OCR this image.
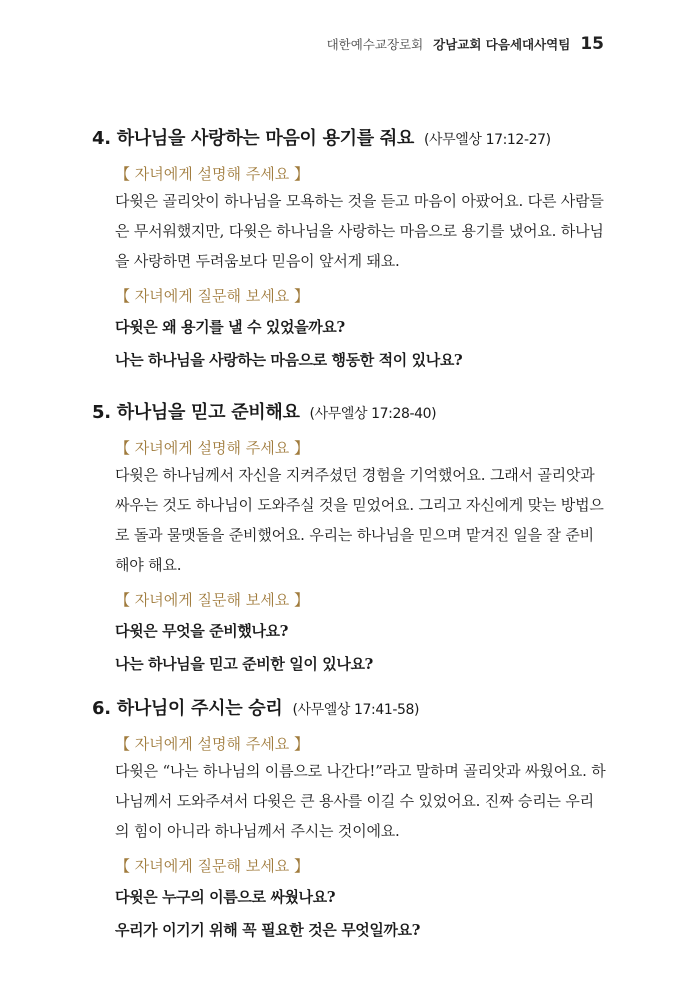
대한예수교장로회 강남교회 다음세대사역팀 15
4. 하나님을 사랑하는 마음이 용기를 줘요 (사무엘상 17:12-27)
【 자녀에게 설명해 주세요 】
다윗은 골리앗이 하나님을 모욕하는 것을 듣고 마음이 아팠어요. 다른 사람들은 무서워했지만, 다윗은 하나님을 사랑하는 마음으로 용기를 냈어요. 하나님을 사랑하면 두려움보다 믿음이 앞서게 돼요.
【 자녀에게 질문해 보세요 】
다윗은 왜 용기를 낼 수 있었을까요?
나는 하나님을 사랑하는 마음으로 행동한 적이 있나요?
5. 하나님을 믿고 준비해요 (사무엘상 17:28-40)
【 자녀에게 설명해 주세요 】
다윗은 하나님께서 자신을 지켜주셨던 경험을 기억했어요. 그래서 골리앗과 싸우는 것도 하나님이 도와주실 것을 믿었어요. 그리고 자신에게 맞는 방법으로 돌과 물맷돌을 준비했어요. 우리는 하나님을 믿으며 맡겨진 일을 잘 준비해야 해요.
【 자녀에게 질문해 보세요 】
다윗은 무엇을 준비했나요?
나는 하나님을 믿고 준비한 일이 있나요?
6. 하나님이 주시는 승리 (사무엘상 17:41-58)
【 자녀에게 설명해 주세요 】
다윗은 “나는 하나님의 이름으로 나간다!”라고 말하며 골리앗과 싸웠어요. 하나님께서 도와주셔서 다윗은 큰 용사를 이길 수 있었어요. 진짜 승리는 우리의 힘이 아니라 하나님께서 주시는 것이에요.
【 자녀에게 질문해 보세요 】
다윗은 누구의 이름으로 싸웠나요?
우리가 이기기 위해 꼭 필요한 것은 무엇일까요?
